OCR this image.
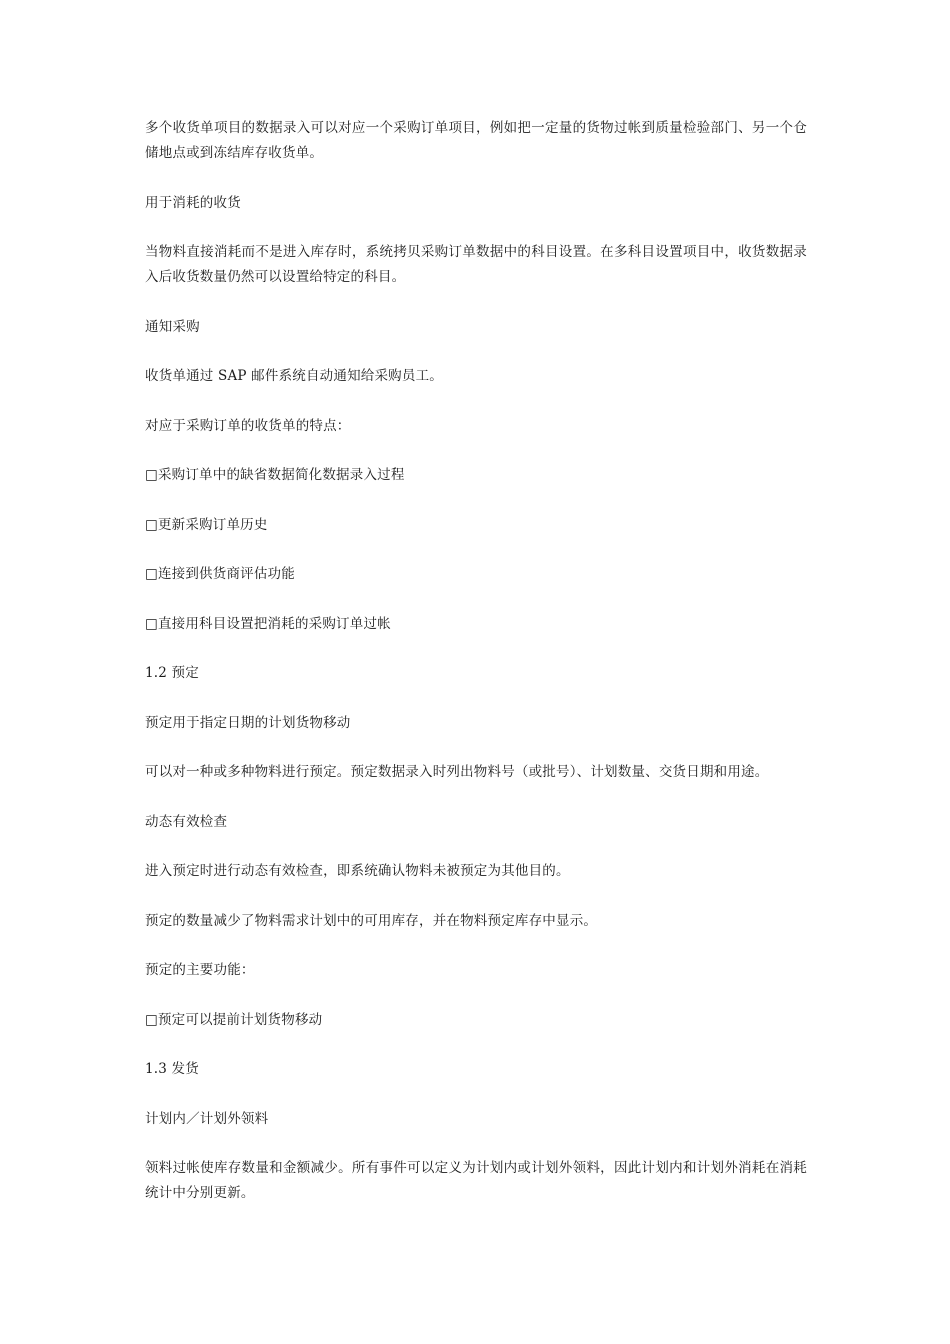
多个收货单项目的数据录入可以对应一个采购订单项目，例如把一定量的货物过帐到质量检验部门、另一个仓储地点或到冻结库存收货单。

用于消耗的收货

当物料直接消耗而不是进入库存时，系统拷贝采购订单数据中的科目设置。在多科目设置项目中，收货数据录入后收货数量仍然可以设置给特定的科目。

通知采购

收货单通过 SAP 邮件系统自动通知给采购员工。

对应于采购订单的收货单的特点：

□采购订单中的缺省数据简化数据录入过程

□更新采购订单历史

□连接到供货商评估功能

□直接用科目设置把消耗的采购订单过帐

1.2 预定

预定用于指定日期的计划货物移动

可以对一种或多种物料进行预定。预定数据录入时列出物料号（或批号）、计划数量、交货日期和用途。

动态有效检查

进入预定时进行动态有效检查，即系统确认物料未被预定为其他目的。

预定的数量减少了物料需求计划中的可用库存，并在物料预定库存中显示。

预定的主要功能：

□预定可以提前计划货物移动

1.3 发货

计划内／计划外领料

领料过帐使库存数量和金额减少。所有事件可以定义为计划内或计划外领料，因此计划内和计划外消耗在消耗统计中分别更新。
